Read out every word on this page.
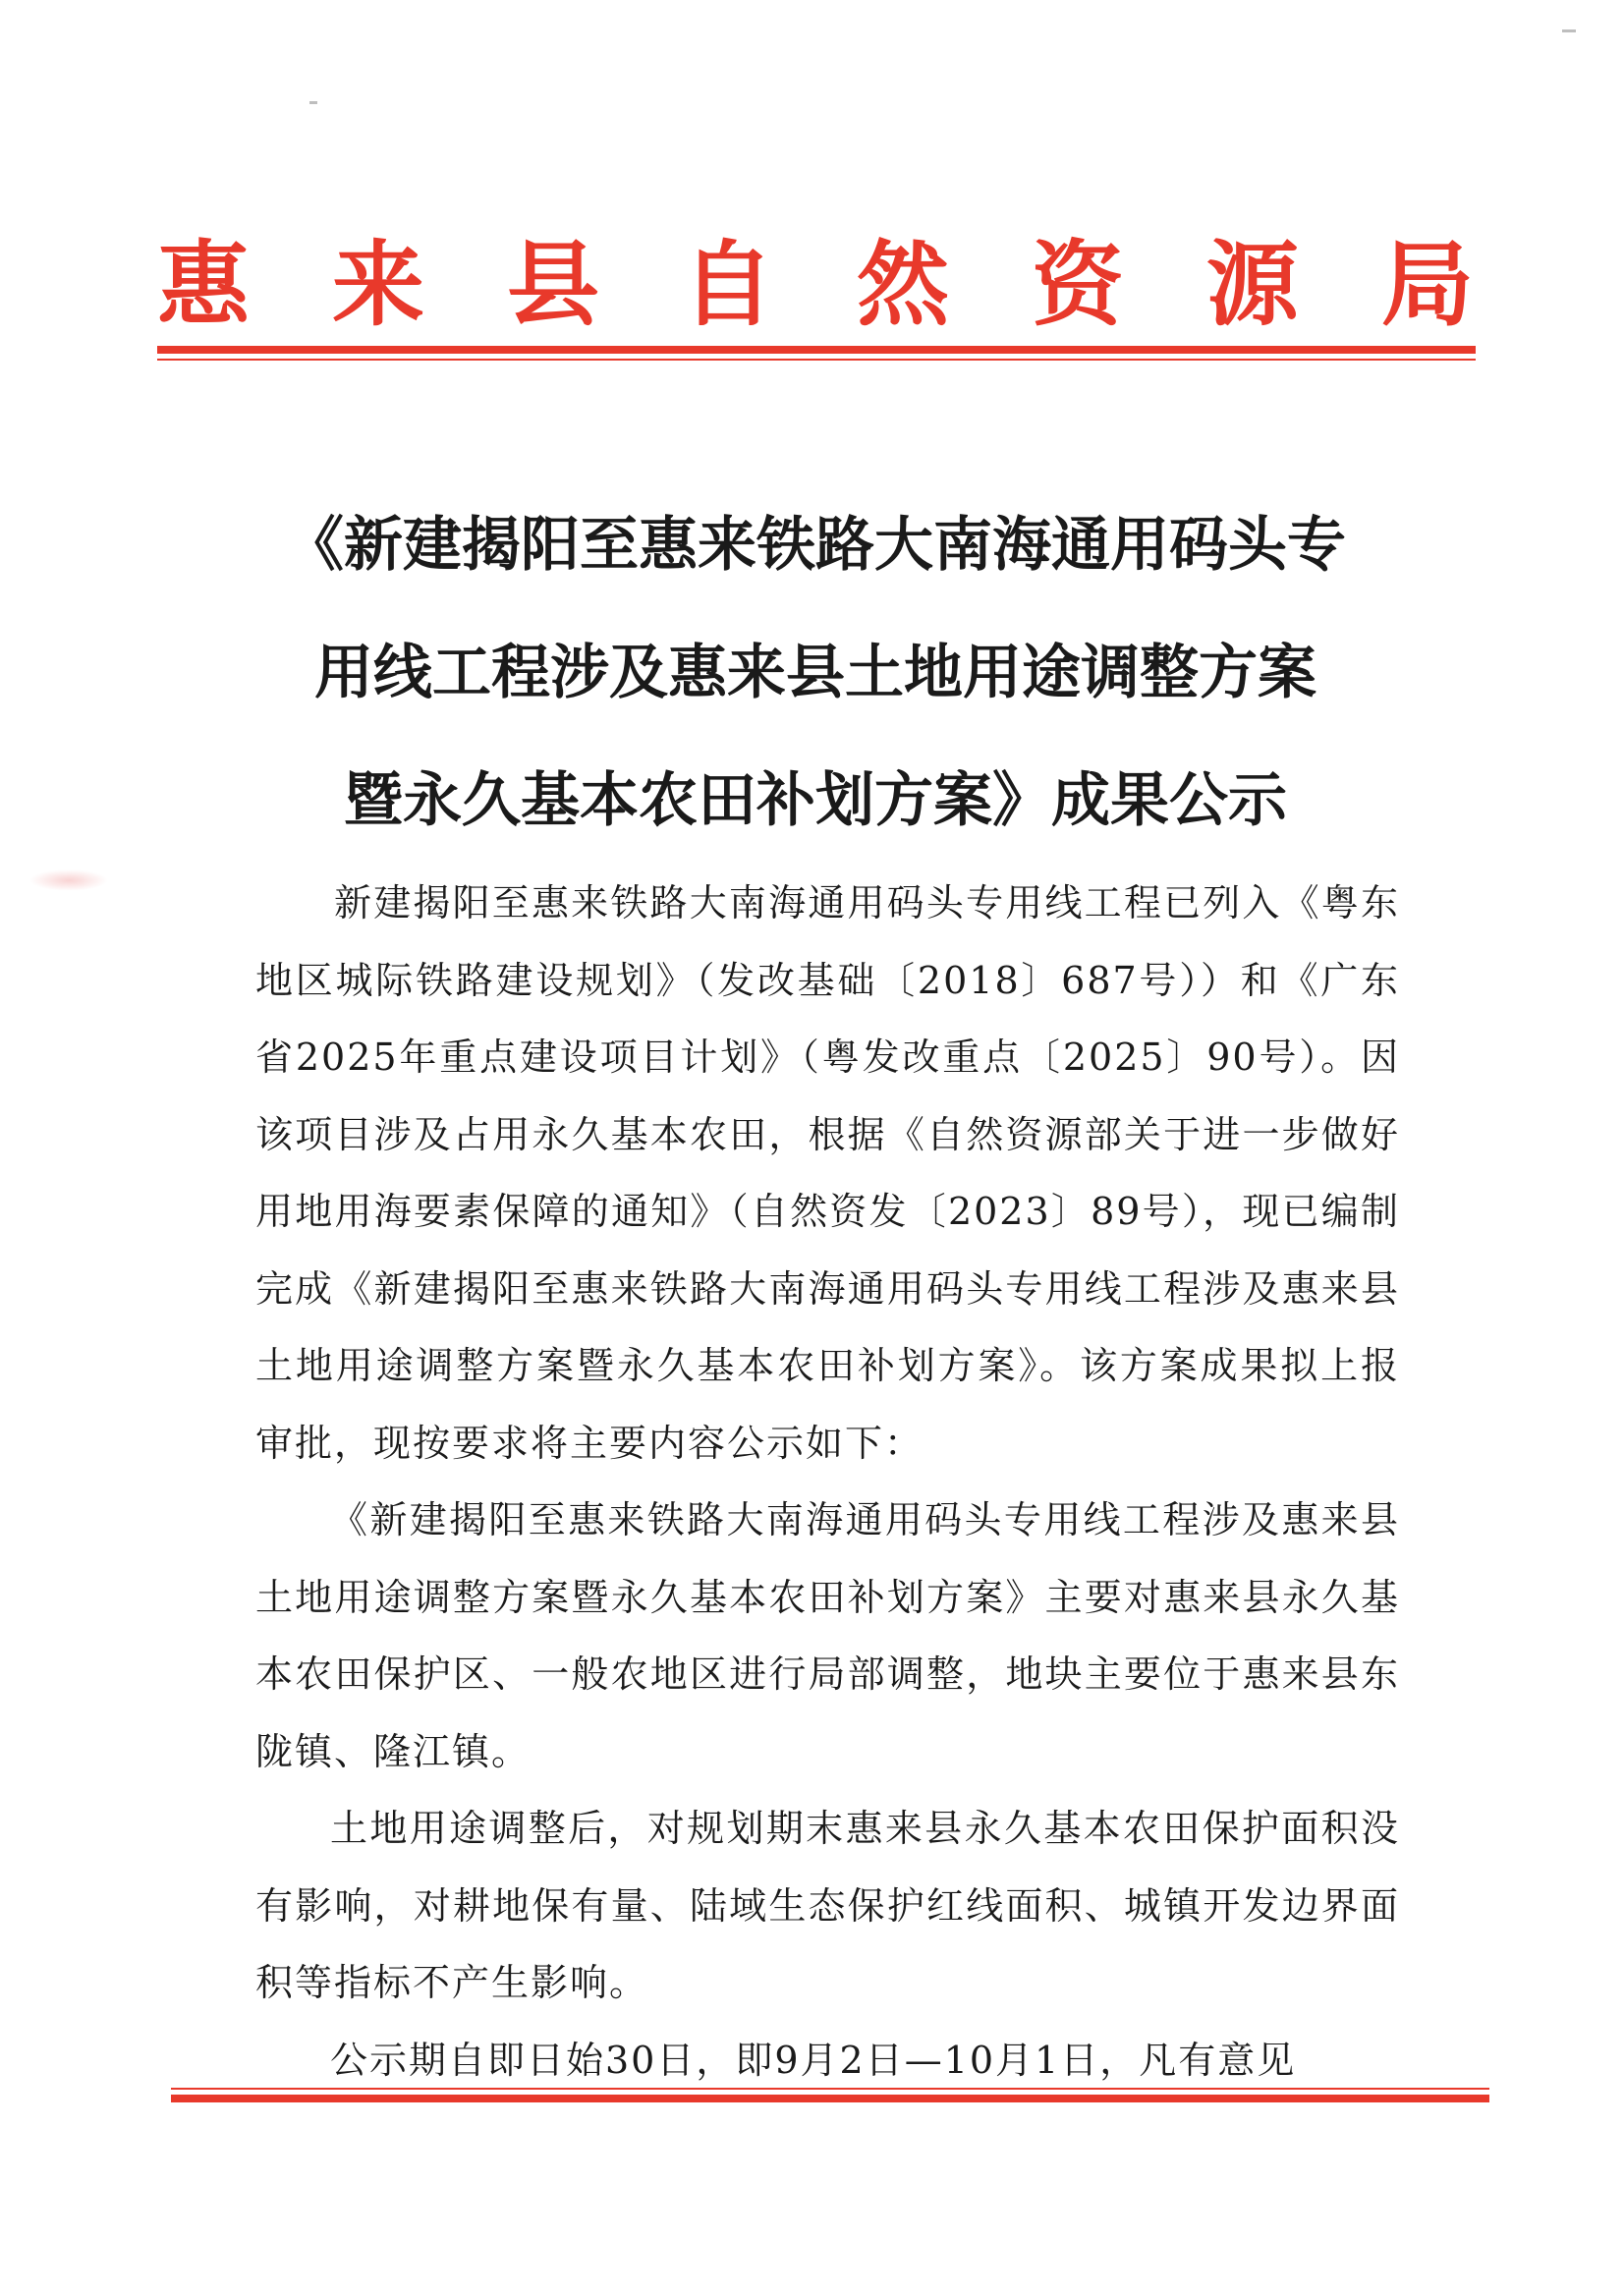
惠 来 县 自 然 资 源 局
《新建揭阳至惠来铁路大南海通用码头专
用线工程涉及惠来县土地用途调整方案
暨永久基本农田补划方案》成果公示

新建揭阳至惠来铁路大南海通用码头专用线工程已列入《粤东地区城际铁路建设规划》（发改基础〔2018〕687号））和《广东省2025年重点建设项目计划》（粤发改重点〔2025〕90号）。因该项目涉及占用永久基本农田，根据《自然资源部关于进一步做好用地用海要素保障的通知》（自然资发〔2023〕89号），现已编制完成《新建揭阳至惠来铁路大南海通用码头专用线工程涉及惠来县土地用途调整方案暨永久基本农田补划方案》。该方案成果拟上报审批，现按要求将主要内容公示如下：

《新建揭阳至惠来铁路大南海通用码头专用线工程涉及惠来县土地用途调整方案暨永久基本农田补划方案》主要对惠来县永久基本农田保护区、一般农地区进行局部调整，地块主要位于惠来县东陇镇、隆江镇。

土地用途调整后，对规划期末惠来县永久基本农田保护面积没有影响，对耕地保有量、陆域生态保护红线面积、城镇开发边界面积等指标不产生影响。

公示期自即日始30日，即9月2日—10月1日，凡有意见
